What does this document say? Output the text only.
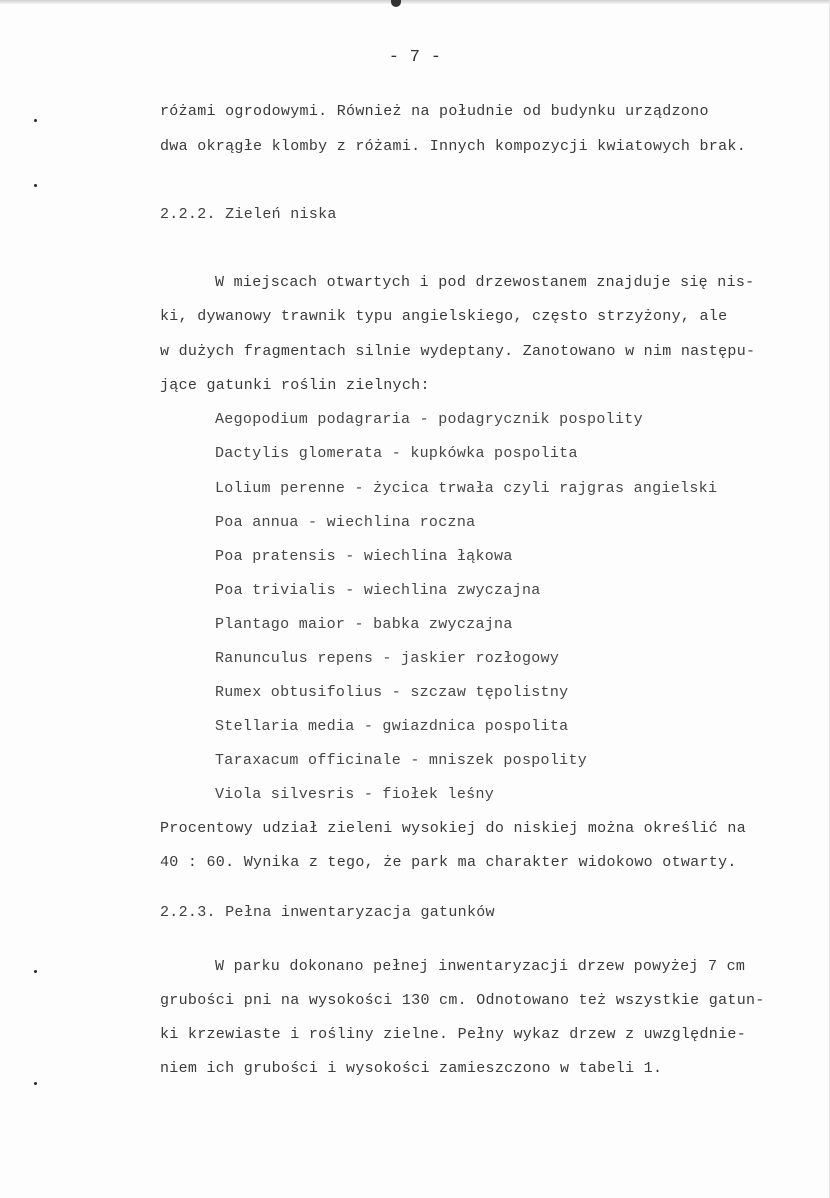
- 7 -
różami ogrodowymi. Również na południe od budynku urządzono
dwa okrągłe klomby z różami. Innych kompozycji kwiatowych brak.
2.2.2. Zieleń niska
W miejscach otwartych i pod drzewostanem znajduje się nis-
ki, dywanowy trawnik typu angielskiego, często strzyżony, ale
w dużych fragmentach silnie wydeptany. Zanotowano w nim następu-
jące gatunki roślin zielnych:
Aegopodium podagraria - podagrycznik pospolity
Dactylis glomerata - kupkówka pospolita
Lolium perenne - życica trwała czyli rajgras angielski
Poa annua - wiechlina roczna
Poa pratensis - wiechlina łąkowa
Poa trivialis - wiechlina zwyczajna
Plantago maior - babka zwyczajna
Ranunculus repens - jaskier rozłogowy
Rumex obtusifolius - szczaw tępolistny
Stellaria media - gwiazdnica pospolita
Taraxacum officinale - mniszek pospolity
Viola silvesris - fiołek leśny
Procentowy udział zieleni wysokiej do niskiej można określić na
40 : 60. Wynika z tego, że park ma charakter widokowo otwarty.
2.2.3. Pełna inwentaryzacja gatunków
W parku dokonano pełnej inwentaryzacji drzew powyżej 7 cm
grubości pni na wysokości 130 cm. Odnotowano też wszystkie gatun-
ki krzewiaste i rośliny zielne. Pełny wykaz drzew z uwzględnie-
niem ich grubości i wysokości zamieszczono w tabeli 1.
